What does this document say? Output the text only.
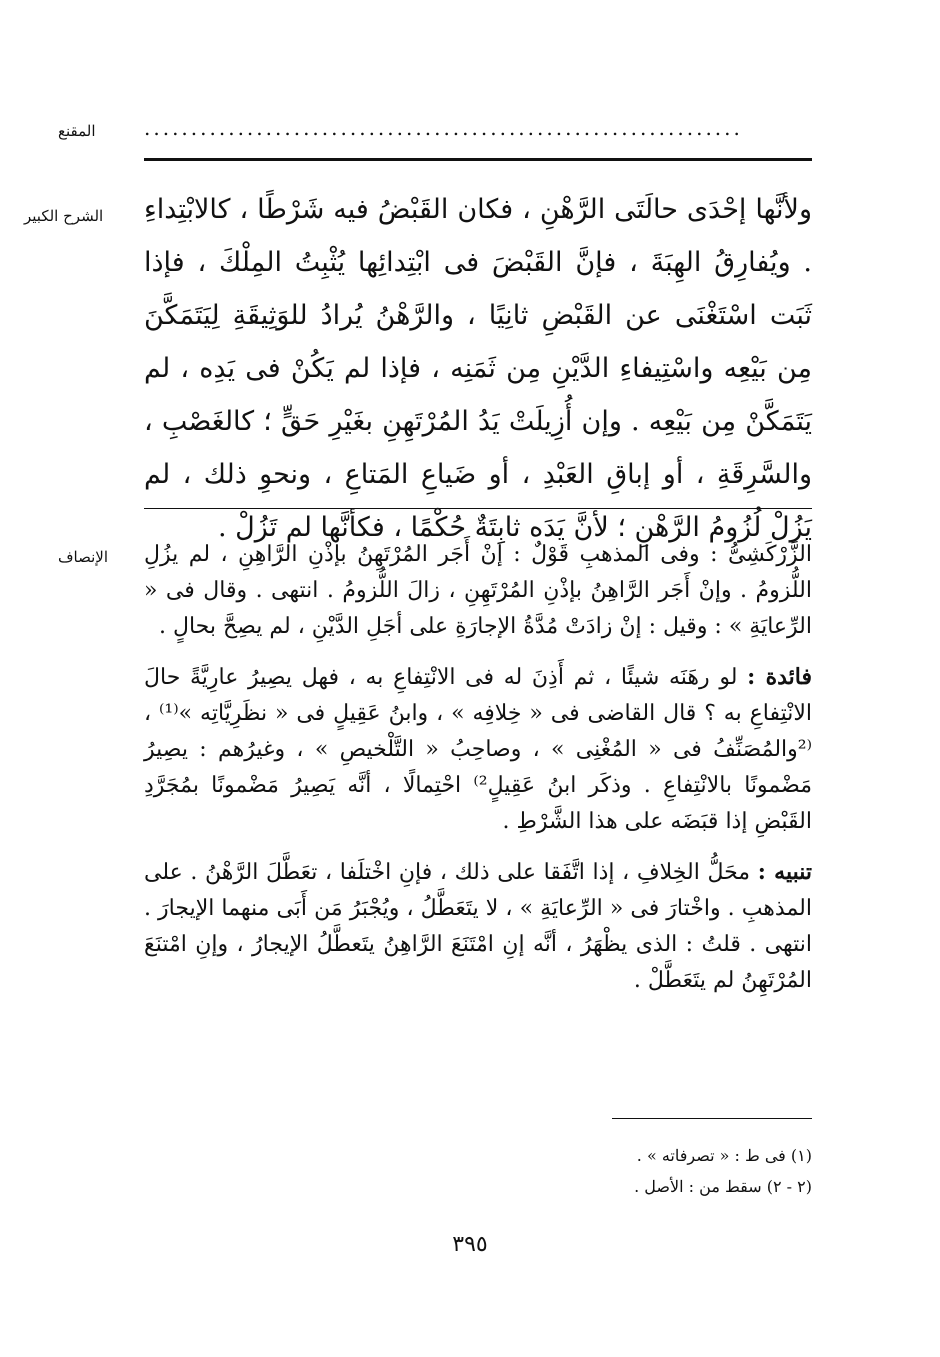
المقنع ................................................................
الشرح الكبير ولأنَّها إحْدَى حالَتَى الرَّهْنِ ، فكان القَبْضُ فيه شَرْطًا ، كالابْتِداءِ . ويُفارِقُ الهِبَةَ ، فإنَّ القَبْضَ فى ابْتِدائِها يُثْبِتُ المِلْكَ ، فإذا ثَبَت اسْتَغْنَى عن القَبْضِ ثانِيًا ، والرَّهْنُ يُرادُ للوَثِيقَةِ لِيَتَمَكَّنَ مِن بَيْعِه واسْتِيفاءِ الدَّيْنِ مِن ثَمَنِه ، فإذا لم يَكُنْ فى يَدِه ، لم يَتَمَكَّنْ مِن بَيْعِه . وإن أُزِيلَتْ يَدُ المُرْتَهِنِ بغَيْرِ حَقٍّ ؛ كالغَصْبِ ، والسَّرِقَةِ ، أو إباقِ العَبْدِ ، أو ضَياعِ المَتاعِ ، ونحوِ ذلك ، لم يَزُلْ لُزُومُ الرَّهْنِ ؛ لأنَّ يَدَه ثابِتَةٌ حُكْمًا ، فكأنَّها لم تَزُلْ .
الإنصاف الزَّرْكَشِىُّ : وفى المذهبِ قَوْلٌ : إنْ أَجَر المُرْتَهِنُ بإذْنِ الرَّاهِنِ ، لم يزُلِ اللُّزومُ . وإنْ أَجَر الرَّاهِنُ بإذْنِ المُرْتَهِنِ ، زالَ اللُّزومُ . انتهى . وقال فى « الرِّعايَةِ » : وقيل : إنْ زادَتْ مُدَّةُ الإجارَةِ على أجَلِ الدَّيْنِ ، لم يصِحَّ بحالٍ .

فائدة : لو رهَنَه شيئًا ، ثم أَذِنَ له فى الانْتِفاعِ به ، فهل يصِيرُ عارِيَّةً حالَ الانْتِفاعِ به ؟ قال القاضى فى « خِلافِه » ، وابنُ عَقِيلٍ فى « نظَرِيَّاتِه »⁽¹⁾ ، ⁽²والمُصَنِّفُ فى « المُغْنِى » ، وصاحِبُ « التَّلْخيصِ » ، وغيرُهم : يصِيرُ مَضْمونًا بالانْتِفاعِ . وذكَر ابنُ عَقِيلٍ²⁾ احْتِمالًا ، أنَّه يَصِيرُ مَضْمونًا بمُجَرَّدِ القَبْضِ إذا قبَضَه على هذا الشَّرْطِ .

تنبيه : محَلُّ الخِلافِ ، إذا اتَّفَقا على ذلك ، فإنِ اخْتلَفا ، تعَطَّلَ الرَّهْنُ . على المذهبِ . واخْتارَ فى « الرِّعايَةِ » ، لا يتَعَطَّلُ ، ويُجْبَرُ مَن أَبَى منهما الإيجارَ . انتهى . قلتُ : الذى يظْهَرُ ، أنَّه إنِ امْتَنَعَ الرَّاهِنُ يتَعطَّلُ الإيجارُ ، وإنِ امْتنَعَ المُرْتَهِنُ لم يتَعَطَّلْ .

(١) فى ط : « تصرفاته » .
(٢ - ٢) سقط من : الأصل .
٣٩٥
